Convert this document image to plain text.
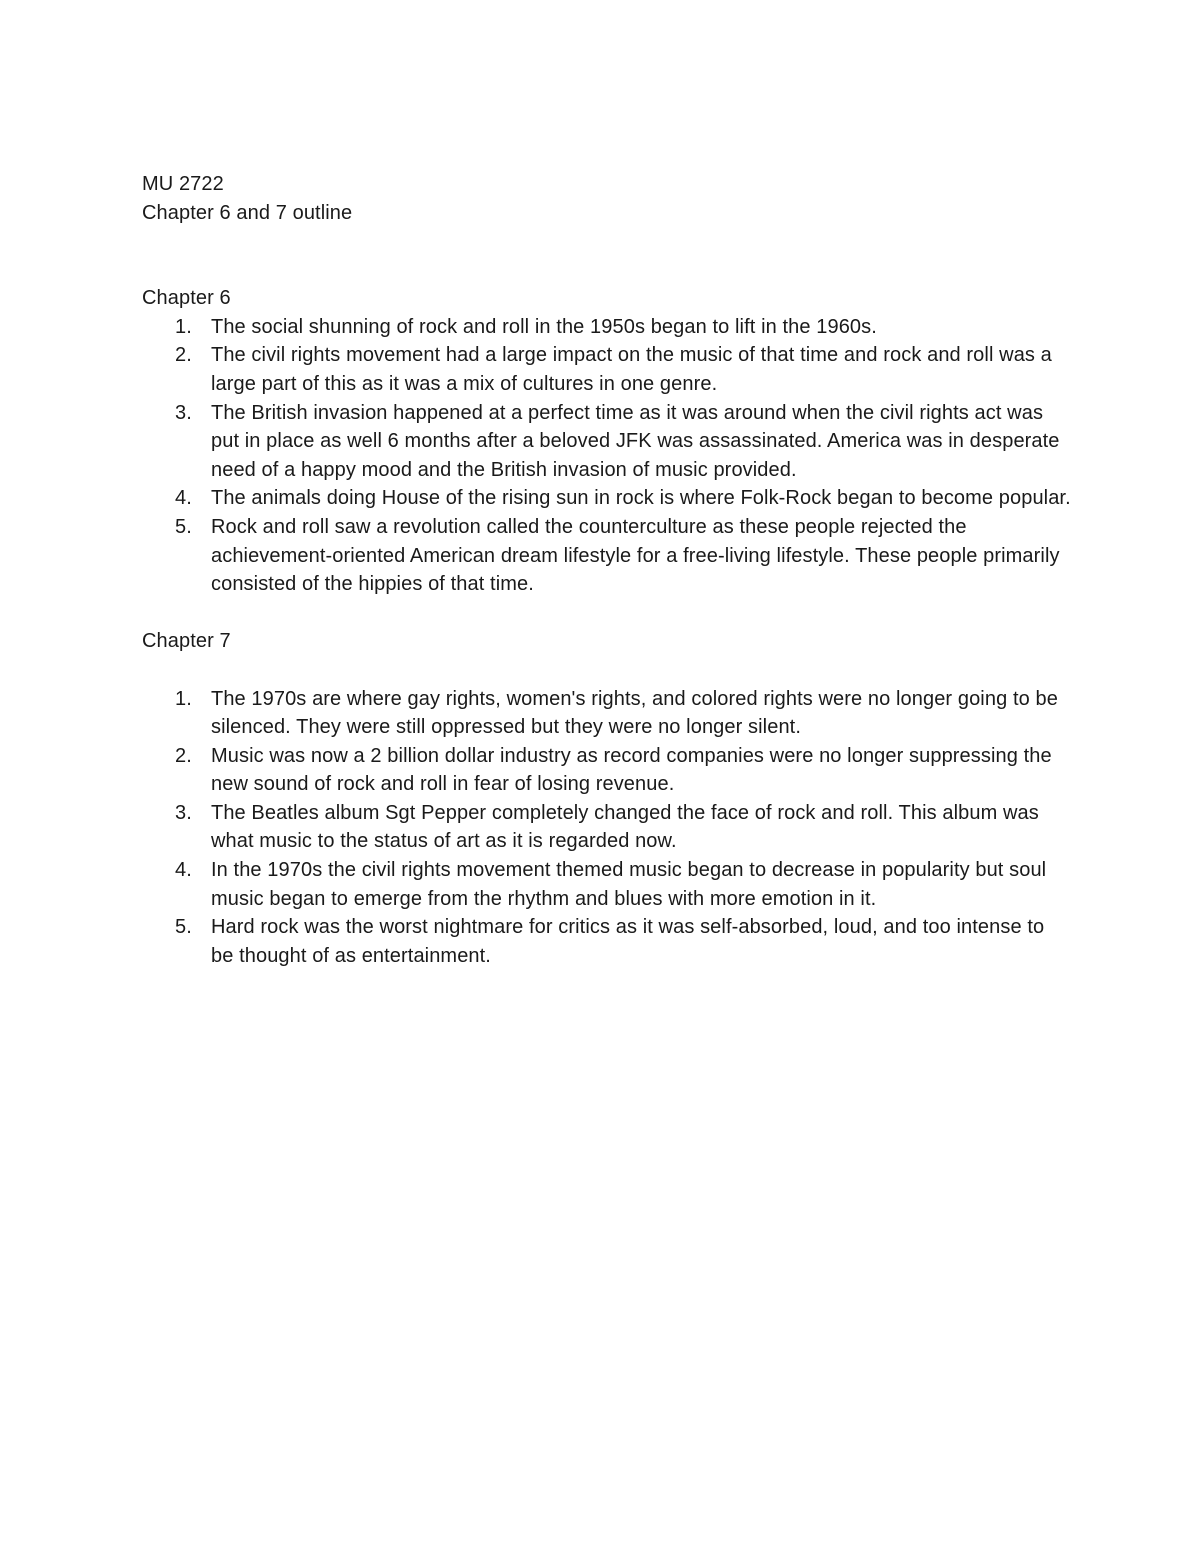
MU 2722

Chapter 6 and 7 outline

Chapter 6

1. The social shunning of rock and roll in the 1950s began to lift in the 1960s.
2. The civil rights movement had a large impact on the music of that time and rock and roll was a large part of this as it was a mix of cultures in one genre.
3. The British invasion happened at a perfect time as it was around when the civil rights act was put in place as well 6 months after a beloved JFK was assassinated. America was in desperate need of a happy mood and the British invasion of music provided.
4. The animals doing House of the rising sun in rock is where Folk-Rock began to become popular.
5. Rock and roll saw a revolution called the counterculture as these people rejected the achievement-oriented American dream lifestyle for a free-living lifestyle. These people primarily consisted of the hippies of that time.

Chapter 7

1. The 1970s are where gay rights, women's rights, and colored rights were no longer going to be silenced. They were still oppressed but they were no longer silent.
2. Music was now a 2 billion dollar industry as record companies were no longer suppressing the new sound of rock and roll in fear of losing revenue.
3. The Beatles album Sgt Pepper completely changed the face of rock and roll. This album was what music to the status of art as it is regarded now.
4. In the 1970s the civil rights movement themed music began to decrease in popularity but soul music began to emerge from the rhythm and blues with more emotion in it.
5. Hard rock was the worst nightmare for critics as it was self-absorbed, loud, and too intense to be thought of as entertainment.
